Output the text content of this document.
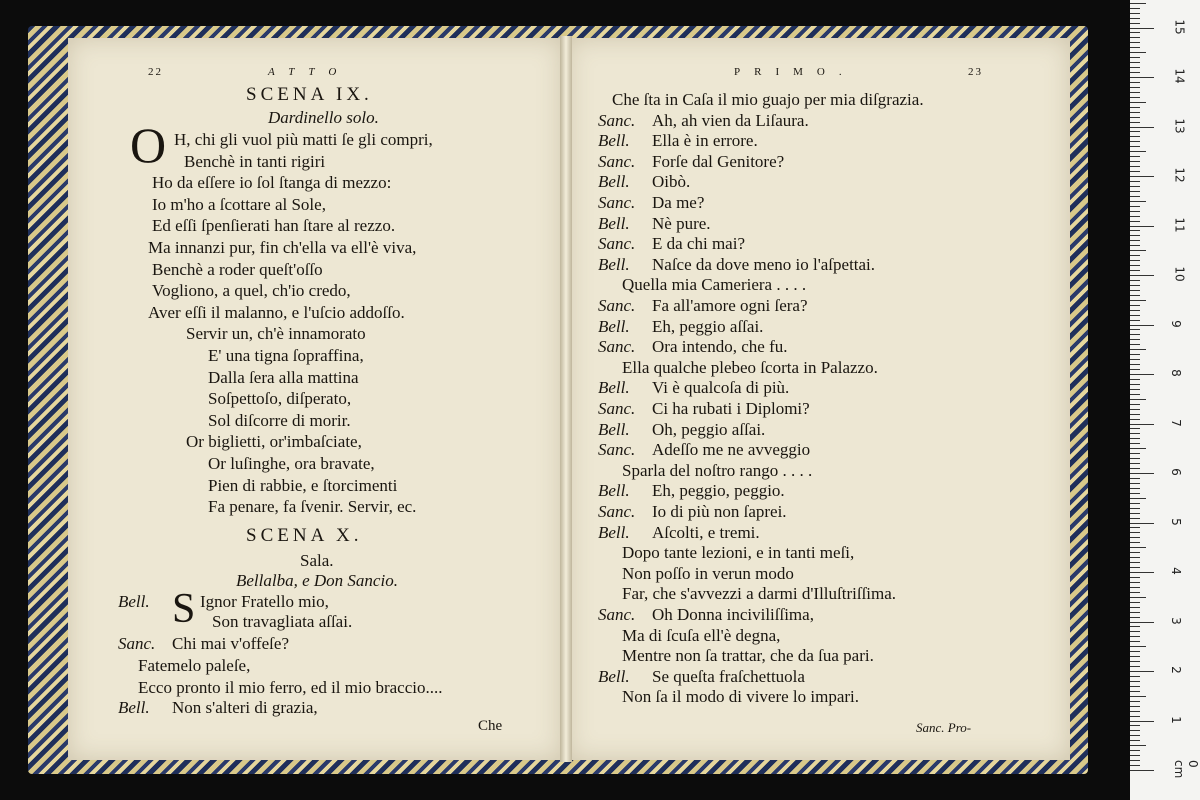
22	ATTO
SCENA IX.
Dardinello solo.
O H, chi gli vuol più matti ſe gli compri,
Benchè in tanti rigiri
Ho da eſſere io ſol ſtanga di mezzo:
Io m'ho a ſcottare al Sole,
Ed eſſi ſpenſierati han ſtare al rezzo.
Ma innanzi pur, fin ch'ella va ell'è viva,
Benchè a roder queſt'oſſo
Vogliono, a quel, ch'io credo,
Aver eſſi il malanno, e l'uſcio addoſſo.
Servir un, ch'è innamorato
E' una tigna ſopraffina,
Dalla ſera alla mattina
Soſpettoſo, diſperato,
Sol diſcorre di morir.
Or biglietti, or'imbaſciate,
Or luſinghe, ora bravate,
Pien di rabbie, e ſtorcimenti
Fa penare, fa ſvenir. Servir, ec.
SCENA X.
Sala.
Bellalba, e Don Sancio.
S
Bell.	Ignor Fratello mio,
Son travagliata aſſai.
Sanc. Chi mai v'offeſe?
Fatemelo paleſe,
Ecco pronto il mio ferro, ed il mio braccio....
Bell. Non s'alteri di grazia,
Che
PRIMO.	23
Che ſta in Caſa il mio guajo per mia diſgrazia.
Sanc. Ah, ah vien da Liſaura.
Bell. Ella è in errore.
Sanc. Forſe dal Genitore?
Bell. Oibò.
Sanc. Da me?
Bell. Nè pure.
Sanc. E da chi mai?
Bell. Naſce da dove meno io l'aſpettai.
Quella mia Cameriera . . . .
Sanc. Fa all'amore ogni ſera?
Bell. Eh, peggio aſſai.
Sanc. Ora intendo, che fu.
Ella qualche plebeo ſcorta in Palazzo.
Bell. Vi è qualcoſa di più.
Sanc. Ci ha rubati i Diplomi?
Bell. Oh, peggio aſſai.
Sanc. Adeſſo me ne avveggio
Sparla del noſtro rango . . . .
Bell. Eh, peggio, peggio.
Sanc. Io di più non ſaprei.
Bell. Aſcolti, e tremi.
Dopo tante lezioni, e in tanti meſi,
Non poſſo in verun modo
Far, che s'avvezzi a darmi d'Illuſtriſſima.
Sanc. Oh Donna inciviliſſima,
Ma di ſcuſa ell'è degna,
Mentre non ſa trattar, che da ſua pari.
Bell. Se queſta fraſchettuola
Non ſa il modo di vivere lo impari.
Sanc. Pro-
0 cm
1
2
3
4
5
6
7
8
9
10
11
12
13
14
15
